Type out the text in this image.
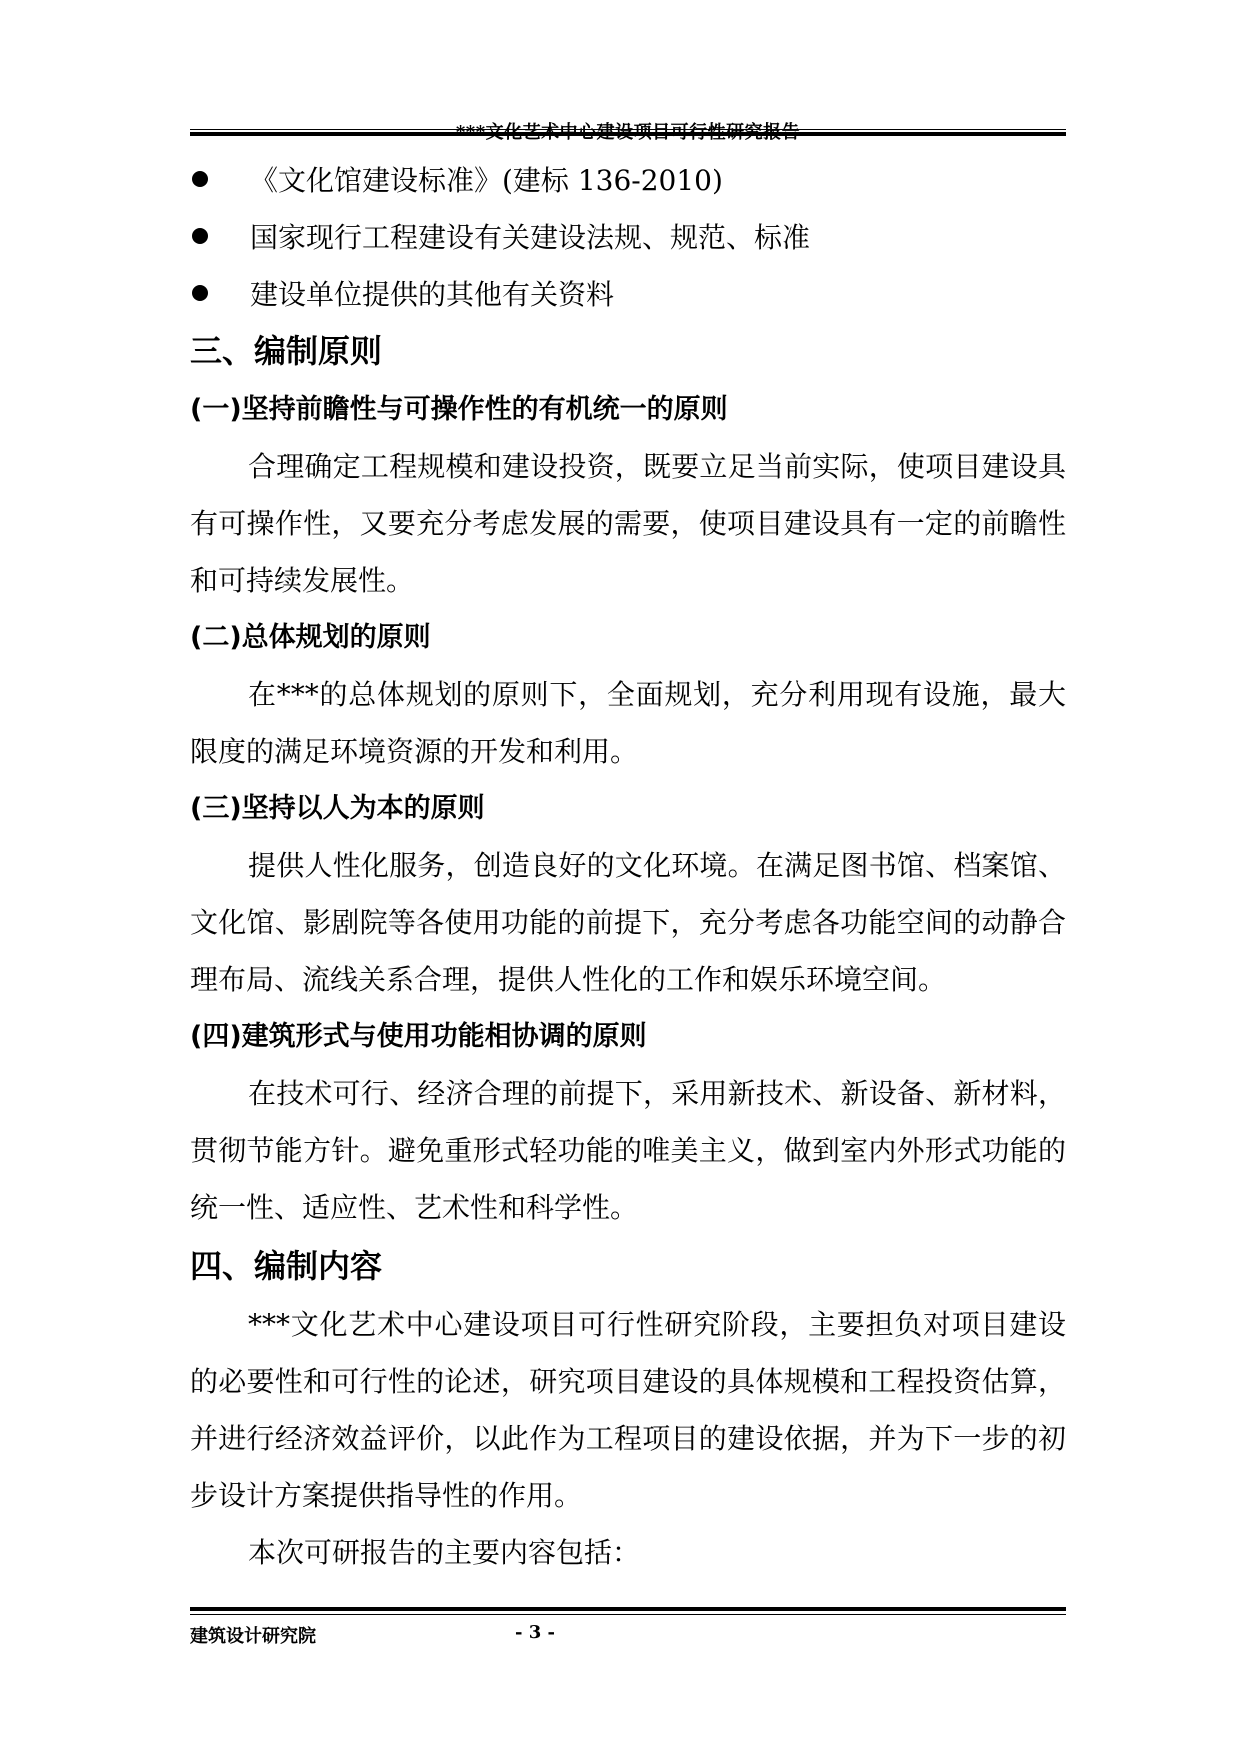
《文化馆建设标准》(建标 136-2010)
国家现行工程建设有关建设法规、规范、标准
建设单位提供的其他有关资料
三、编制原则
(一)坚持前瞻性与可操作性的有机统一的原则

合理确定工程规模和建设投资，既要立足当前实际，使项目建设具有可操作性，又要充分考虑发展的需要，使项目建设具有一定的前瞻性和可持续发展性。

(二)总体规划的原则

在***的总体规划的原则下，全面规划，充分利用现有设施，最大限度的满足环境资源的开发和利用。

(三)坚持以人为本的原则

提供人性化服务，创造良好的文化环境。在满足图书馆、档案馆、文化馆、影剧院等各使用功能的前提下，充分考虑各功能空间的动静合理布局、流线关系合理，提供人性化的工作和娱乐环境空间。

(四)建筑形式与使用功能相协调的原则

在技术可行、经济合理的前提下，采用新技术、新设备、新材料，贯彻节能方针。避免重形式轻功能的唯美主义，做到室内外形式功能的统一性、适应性、艺术性和科学性。

四、编制内容

***文化艺术中心建设项目可行性研究阶段，主要担负对项目建设的必要性和可行性的论述，研究项目建设的具体规模和工程投资估算，并进行经济效益评价，以此作为工程项目的建设依据，并为下一步的初步设计方案提供指导性的作用。

本次可研报告的主要内容包括：

建筑设计研究院	- 3 -
